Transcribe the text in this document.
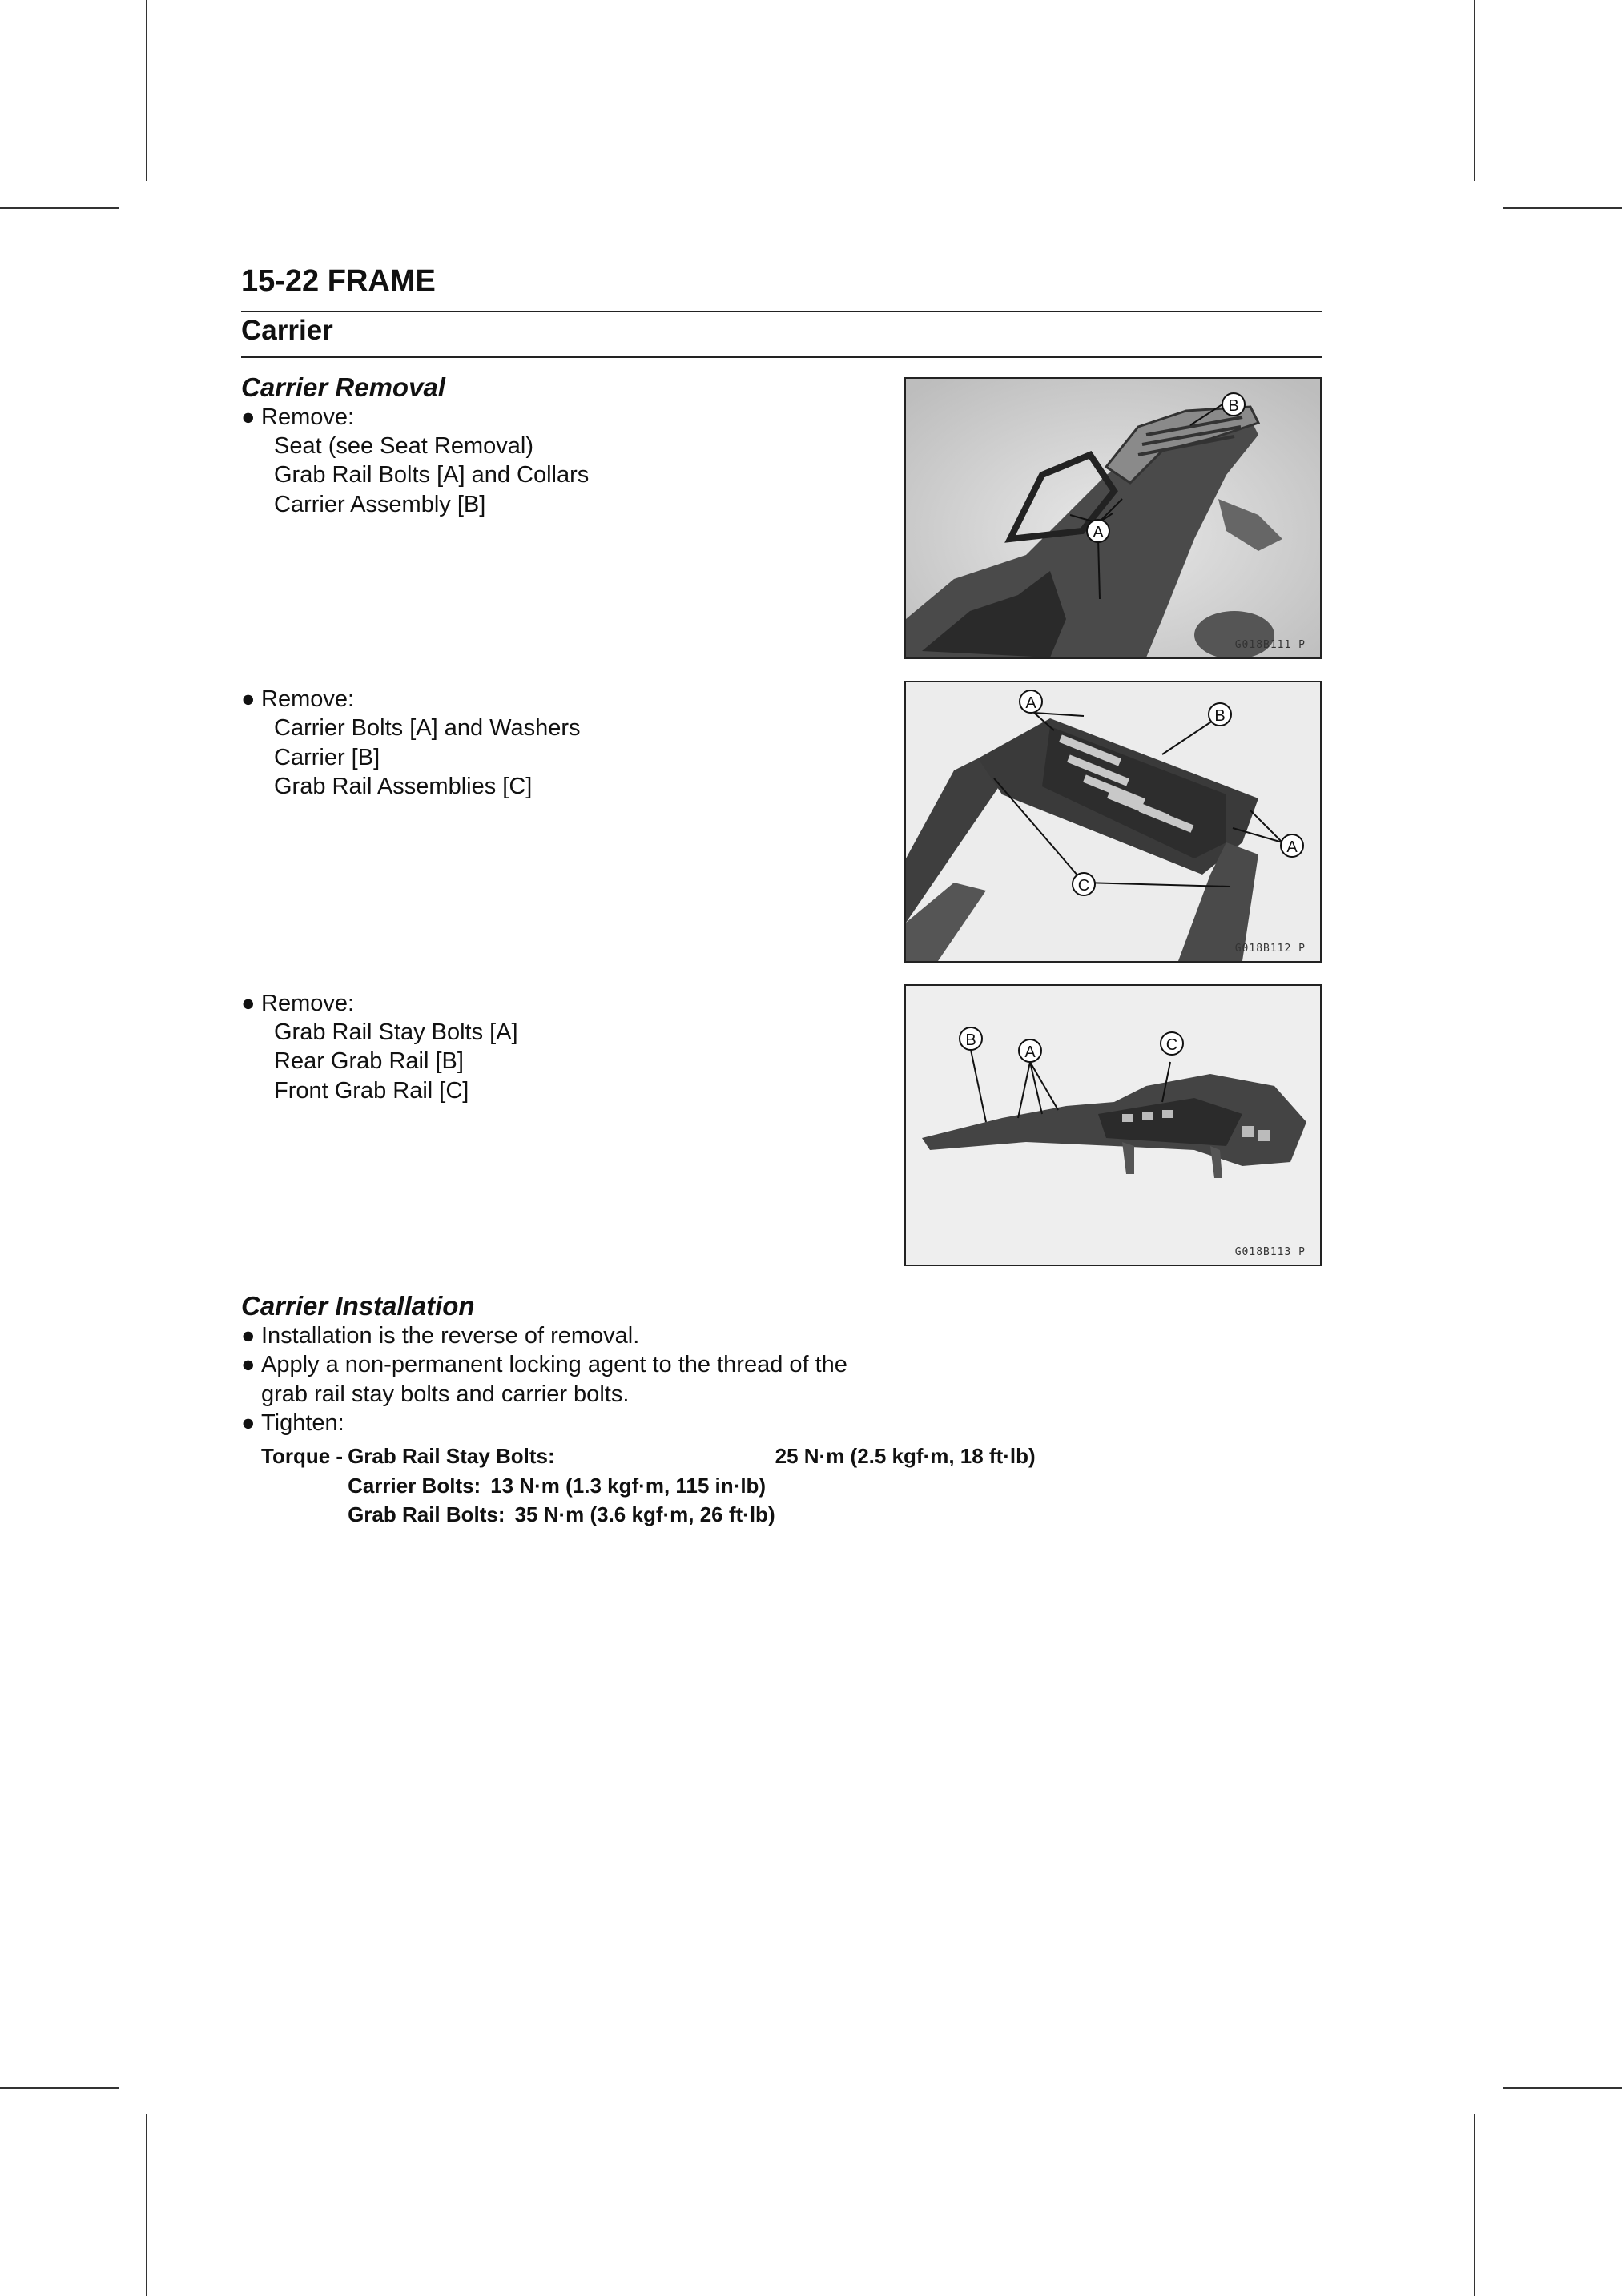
15-22 FRAME
Carrier
Carrier Removal
● Remove:
Seat (see Seat Removal)
Grab Rail Bolts [A] and Collars
Carrier Assembly [B]
● Remove:
Carrier Bolts [A] and Washers
Carrier [B]
Grab Rail Assemblies [C]
● Remove:
Grab Rail Stay Bolts [A]
Rear Grab Rail [B]
Front Grab Rail [C]
A
B
G018B111 P
A
B
A
C
G018B112 P
B
A	C
G018B113 P
Carrier Installation
● Installation is the reverse of removal.
● Apply a non-permanent locking agent to the thread of the grab rail stay bolts and carrier bolts.
● Tighten:
Torque -	Grab Rail Stay Bolts:	25 N·m (2.5 kgf·m, 18 ft·lb)
	Carrier Bolts: 13 N·m (1.3 kgf·m, 115 in·lb)	
	Grab Rail Bolts: 35 N·m (3.6 kgf·m, 26 ft·lb)	
